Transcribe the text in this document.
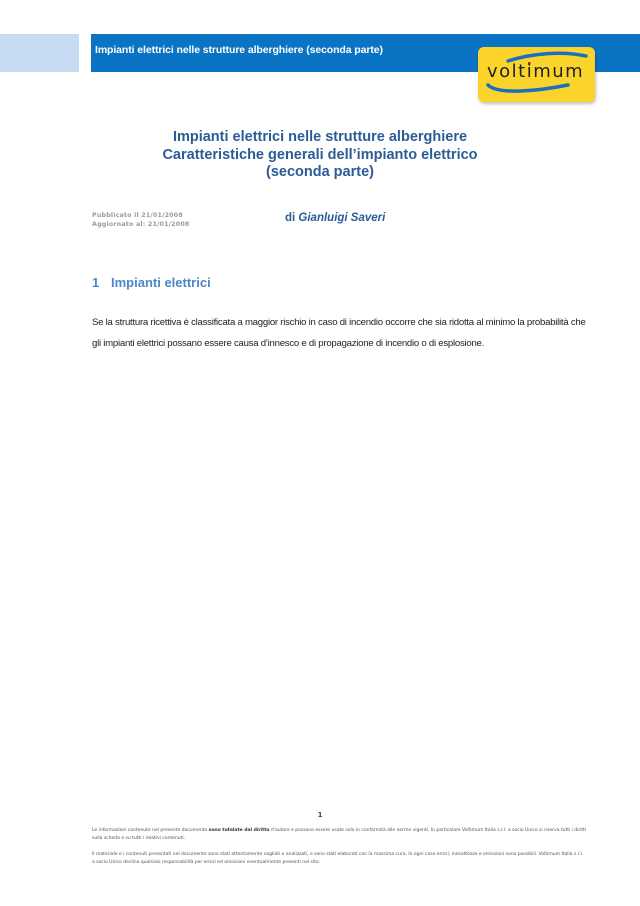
Impianti elettrici nelle strutture alberghiere (seconda parte)
voltimum
Impianti elettrici nelle strutture alberghiere
Caratteristiche generali dell’impianto elettrico
(seconda parte)
Pubblicato il 21/01/2008
Aggiornato al: 21/01/2008
di Gianluigi Saveri
1 Impianti elettrici
Se la struttura ricettiva è classificata a maggior rischio in caso di incendio occorre che sia ridotta al minimo la probabilità che gli impianti elettrici possano essere causa d’innesco e di propagazione di incendio o di esplosione.
1
Le informazioni contenute nel presente documento sono tutelate dal diritto d'autore e possono essere usate solo in conformità alle norme vigenti. In particolare Voltimum Italia s.r.l. a socio Unico si riserva tutti i diritti sulla scheda e su tutti i relativi contenuti.
Il materiale e i contenuti presentati nel documento sono stati attentamente vagliati e analizzati, e sono stati elaborati con la massima cura. In ogni caso errori, inesattezze e omissioni sono possibili. Voltimum Italia s.r.l. a socio Unico declina qualsiasi responsabilità per errori ed omissioni eventualmente presenti nel sito.
